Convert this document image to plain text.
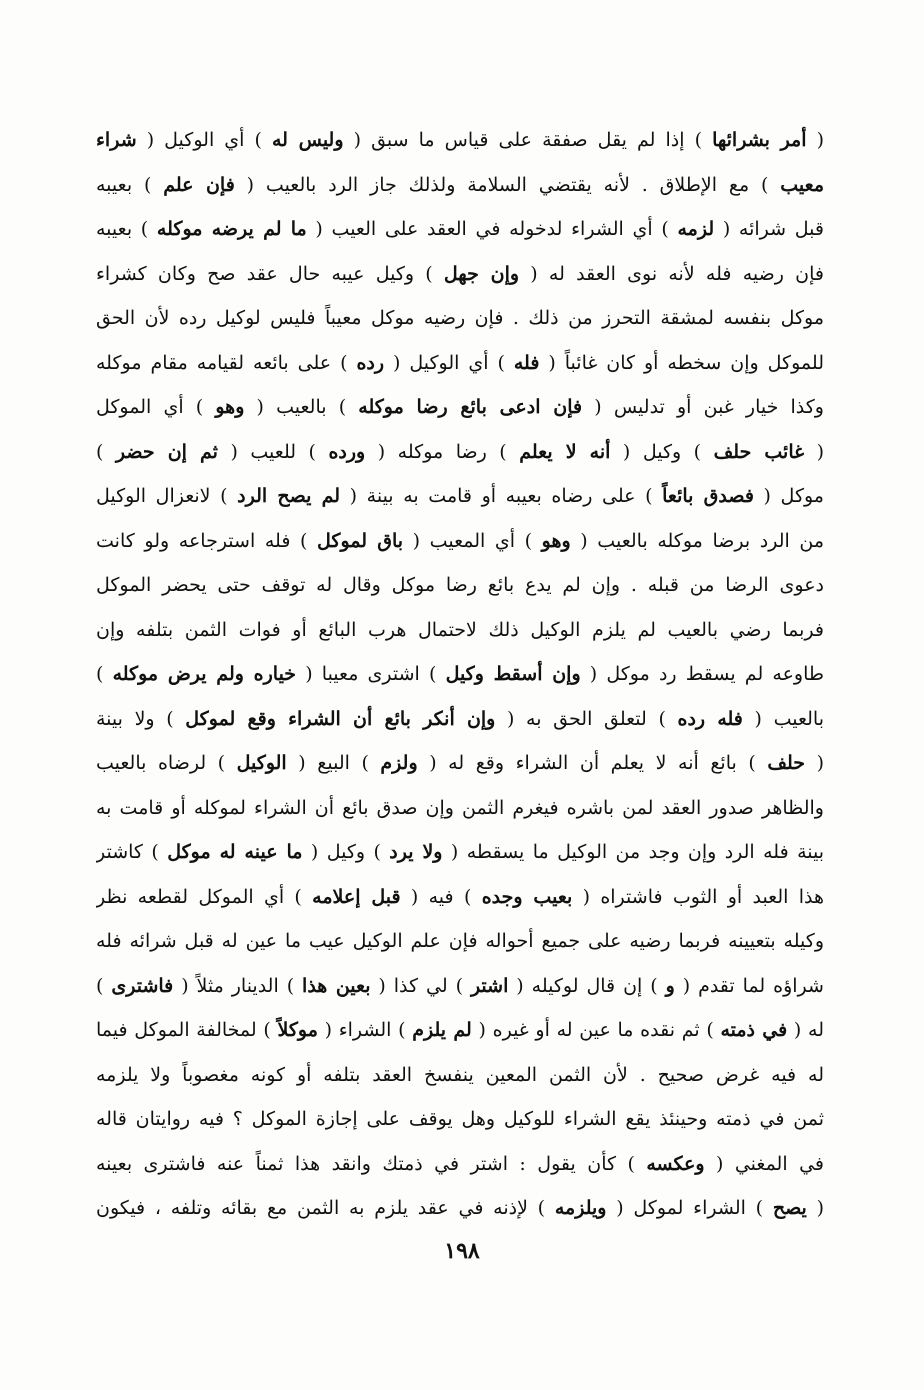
( أمر بشرائها ) إذا لم يقل صفقة على قياس ما سبق ( وليس له ) أي الوكيل ( شراء
معيب ) مع الإطلاق . لأنه يقتضي السلامة ولذلك جاز الرد بالعيب ( فإن علم ) بعيبه
قبل شرائه ( لزمه ) أي الشراء لدخوله في العقد على العيب ( ما لم يرضه موكله ) بعيبه
فإن رضيه فله لأنه نوى العقد له ( وإن جهل ) وكيل عيبه حال عقد صح وكان كشراء
موكل بنفسه لمشقة التحرز من ذلك . فإن رضيه موكل معيباً فليس لوكيل رده لأن الحق
للموكل وإن سخطه أو كان غائباً ( فله ) أي الوكيل ( رده ) على بائعه لقيامه مقام موكله
وكذا خيار غبن أو تدليس ( فإن ادعى بائع رضا موكله ) بالعيب ( وهو ) أي الموكل
( غائب حلف ) وكيل ( أنه لا يعلم ) رضا موكله ( ورده ) للعيب ( ثم إن حضر )
موكل ( فصدق بائعاً ) على رضاه بعيبه أو قامت به بينة ( لم يصح الرد ) لانعزال الوكيل
من الرد برضا موكله بالعيب ( وهو ) أي المعيب ( باق لموكل ) فله استرجاعه ولو كانت
دعوى الرضا من قبله . وإن لم يدع بائع رضا موكل وقال له توقف حتى يحضر الموكل
فربما رضي بالعيب لم يلزم الوكيل ذلك لاحتمال هرب البائع أو فوات الثمن بتلفه وإن
طاوعه لم يسقط رد موكل ( وإن أسقط وكيل ) اشترى معيبا ( خياره ولم يرض موكله )
بالعيب ( فله رده ) لتعلق الحق به ( وإن أنكر بائع أن الشراء وقع لموكل ) ولا بينة
( حلف ) بائع أنه لا يعلم أن الشراء وقع له ( ولزم ) البيع ( الوكيل ) لرضاه بالعيب
والظاهر صدور العقد لمن باشره فيغرم الثمن وإن صدق بائع أن الشراء لموكله أو قامت به
بينة فله الرد وإن وجد من الوكيل ما يسقطه ( ولا يرد ) وكيل ( ما عينه له موكل ) كاشتر
هذا العبد أو الثوب فاشتراه ( بعيب وجده ) فيه ( قبل إعلامه ) أي الموكل لقطعه نظر
وكيله بتعيينه فربما رضيه على جميع أحواله فإن علم الوكيل عيب ما عين له قبل شرائه فله
شراؤه لما تقدم ( و ) إن قال لوكيله ( اشتر ) لي كذا ( بعين هذا ) الدينار مثلاً ( فاشترى )
له ( في ذمته ) ثم نقده ما عين له أو غيره ( لم يلزم ) الشراء ( موكلاً ) لمخالفة الموكل فيما
له فيه غرض صحيح . لأن الثمن المعين ينفسخ العقد بتلفه أو كونه مغصوباً ولا يلزمه
ثمن في ذمته وحينئذ يقع الشراء للوكيل وهل يوقف على إجازة الموكل ؟ فيه روايتان قاله
في المغني ( وعكسه ) كأن يقول : اشتر في ذمتك وانقد هذا ثمناً عنه فاشترى بعينه
( يصح ) الشراء لموكل ( ويلزمه ) لإذنه في عقد يلزم به الثمن مع بقائه وتلفه ، فيكون
١٩٨
